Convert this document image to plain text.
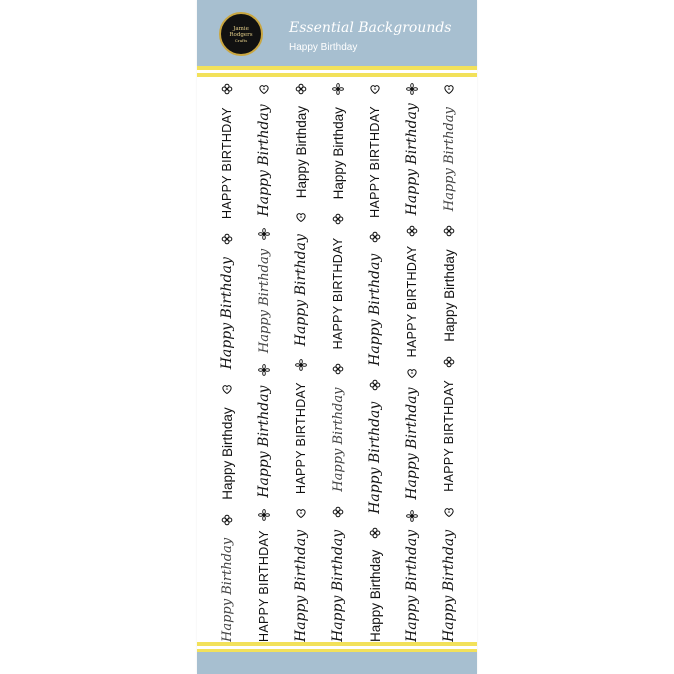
Jamie Rodgers
Crafts
Essential Backgrounds
Happy Birthday
Happy Birthday
Happy Birthday
Happy Birthday
HAPPY BIRTHDAY
HAPPY BIRTHDAY
Happy Birthday
Happy Birthday
Happy Birthday
Happy Birthday
HAPPY BIRTHDAY
Happy Birthday
Happy Birthday
Happy Birthday
Happy Birthday
HAPPY BIRTHDAY
Happy Birthday
Happy Birthday
Happy Birthday
Happy Birthday
HAPPY BIRTHDAY
Happy Birthday
Happy Birthday
HAPPY BIRTHDAY
Happy Birthday
Happy Birthday
HAPPY BIRTHDAY
Happy Birthday
Happy Birthday
